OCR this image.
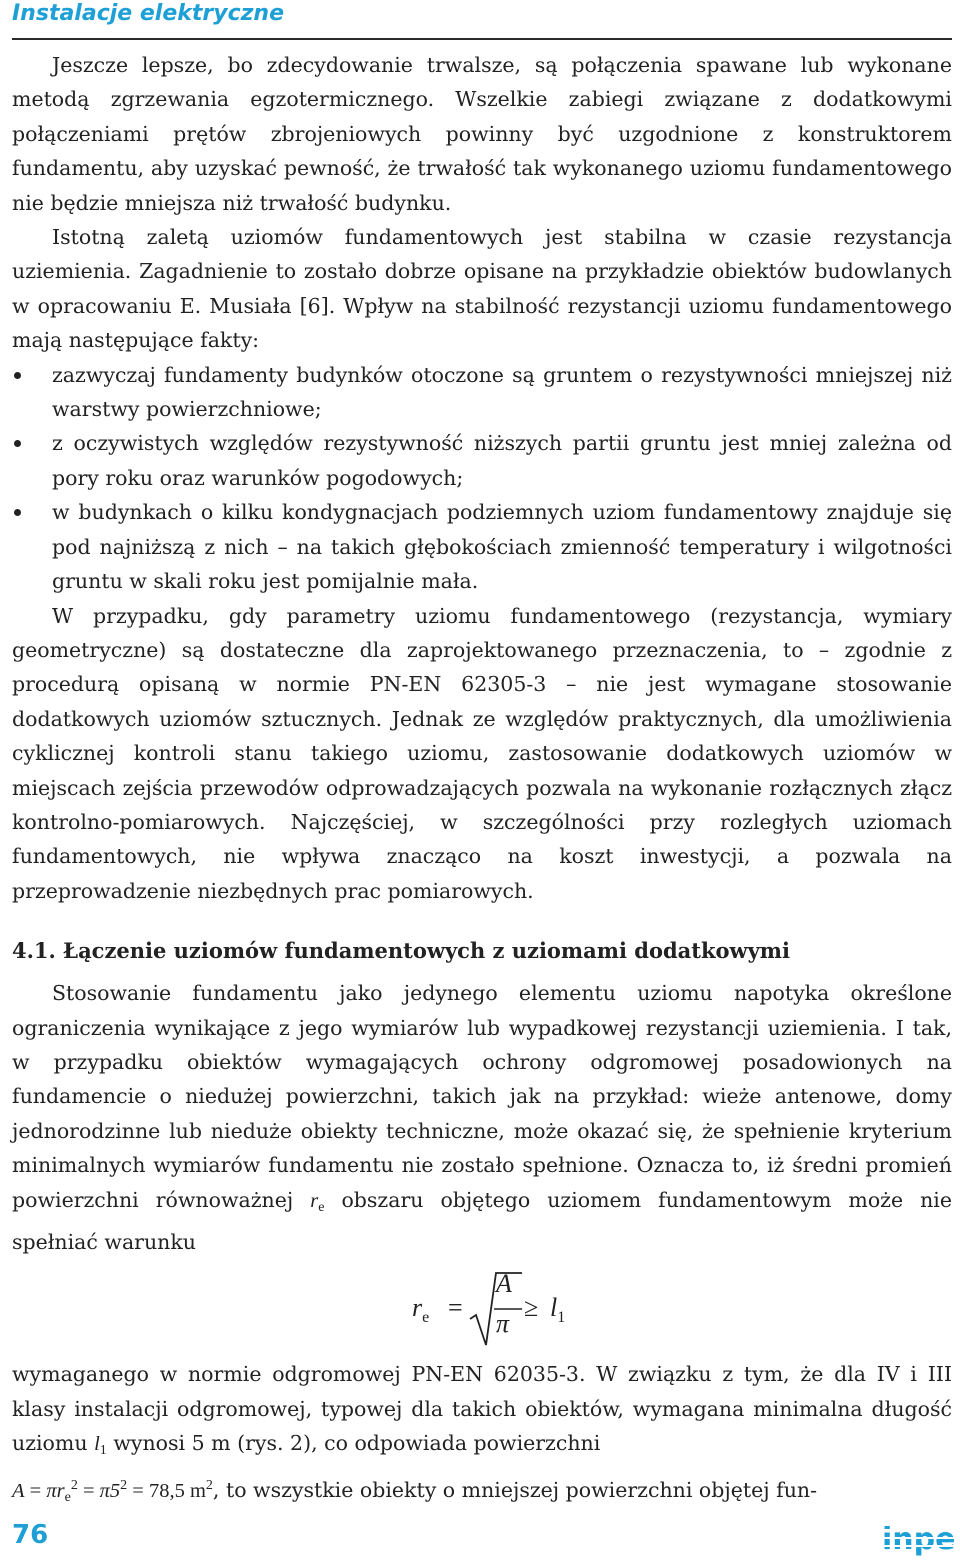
Instalacje elektryczne

Jeszcze lepsze, bo zdecydowanie trwalsze, są połączenia spawane lub wykonane metodą zgrzewania egzotermicznego. Wszelkie zabiegi związane z dodatkowymi połączeniami prętów zbrojeniowych powinny być uzgodnione z konstruktorem fundamentu, aby uzyskać pewność, że trwałość tak wykonanego uziomu fundamentowego nie będzie mniejsza niż trwałość budynku.

Istotną zaletą uziomów fundamentowych jest stabilna w czasie rezystancja uziemienia. Zagadnienie to zostało dobrze opisane na przykładzie obiektów budowlanych w opracowaniu E. Musiała [6]. Wpływ na stabilność rezystancji uziomu fundamentowego mają następujące fakty:

zazwyczaj fundamenty budynków otoczone są gruntem o rezystywności mniejszej niż warstwy powierzchniowe;
z oczywistych względów rezystywność niższych partii gruntu jest mniej zależna od pory roku oraz warunków pogodowych;
w budynkach o kilku kondygnacjach podziemnych uziom fundamentowy znajduje się pod najniższą z nich – na takich głębokościach zmienność temperatury i wilgotności gruntu w skali roku jest pomijalnie mała.

W przypadku, gdy parametry uziomu fundamentowego (rezystancja, wymiary geometryczne) są dostateczne dla zaprojektowanego przeznaczenia, to – zgodnie z procedurą opisaną w normie PN-EN 62305-3 – nie jest wymagane stosowanie dodatkowych uziomów sztucznych. Jednak ze względów praktycznych, dla umożliwienia cyklicznej kontroli stanu takiego uziomu, zastosowanie dodatkowych uziomów w miejscach zejścia przewodów odprowadzających pozwala na wykonanie rozłącznych złącz kontrolno-pomiarowych. Najczęściej, w szczególności przy rozległych uziomach fundamentowych, nie wpływa znacząco na koszt inwestycji, a pozwala na przeprowadzenie niezbędnych prac pomiarowych.

4.1. Łączenie uziomów fundamentowych z uziomami dodatkowymi

Stosowanie fundamentu jako jedynego elementu uziomu napotyka określone ograniczenia wynikające z jego wymiarów lub wypadkowej rezystancji uziemienia. I tak, w przypadku obiektów wymagających ochrony odgromowej posadowionych na fundamencie o niedużej powierzchni, takich jak na przykład: wieże antenowe, domy jednorodzinne lub nieduże obiekty techniczne, może okazać się, że spełnienie kryterium minimalnych wymiarów fundamentu nie zostało spełnione. Oznacza to, iż średni promień powierzchni równoważnej $r_e$ obszaru objętego uziomem fundamentowym może nie spełniać warunku

$r_e$ =
A
π
≥ $l_1$

wymaganego w normie odgromowej PN-EN 62035-3. W związku z tym, że dla IV i III klasy instalacji odgromowej, typowej dla takich obiektów, wymagana minimalna długość uziomu $l_1$ wynosi 5 m (rys. 2), co odpowiada powierzchni
$A = \pi r_e^2 = \pi 5^2 = 78,5$ $m^2$, to wszystkie obiekty o mniejszej powierzchni objętej fun-

76	inpe
